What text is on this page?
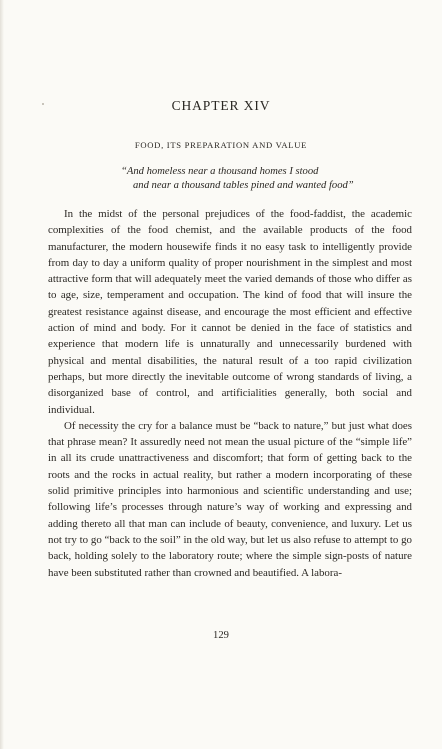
CHAPTER XIV
FOOD, ITS PREPARATION AND VALUE
“And homeless near a thousand homes I stood
and near a thousand tables pined and wanted food”

In the midst of the personal prejudices of the food-faddist, the academic complexities of the food chemist, and the available products of the food manufacturer, the modern housewife finds it no easy task to intelligently provide from day to day a uniform quality of proper nourishment in the simplest and most attractive form that will adequately meet the varied demands of those who differ as to age, size, temperament and occupation. The kind of food that will insure the greatest resistance against disease, and encourage the most efficient and effective action of mind and body. For it cannot be denied in the face of statistics and experience that modern life is unnaturally and unnecessarily burdened with physical and mental disabilities, the natural result of a too rapid civilization perhaps, but more directly the inevitable outcome of wrong standards of living, a disorganized base of control, and artificialities generally, both social and individual.

Of necessity the cry for a balance must be “back to nature,” but just what does that phrase mean? It assuredly need not mean the usual picture of the “simple life” in all its crude unattractiveness and discomfort; that form of getting back to the roots and the rocks in actual reality, but rather a modern incorporating of these solid primitive principles into harmonious and scientific understanding and use; following life’s processes through nature’s way of working and expressing and adding thereto all that man can include of beauty, convenience, and luxury. Let us not try to go “back to the soil” in the old way, but let us also refuse to attempt to go back, holding solely to the laboratory route; where the simple sign-posts of nature have been substituted rather than crowned and beautified. A labora-

129
